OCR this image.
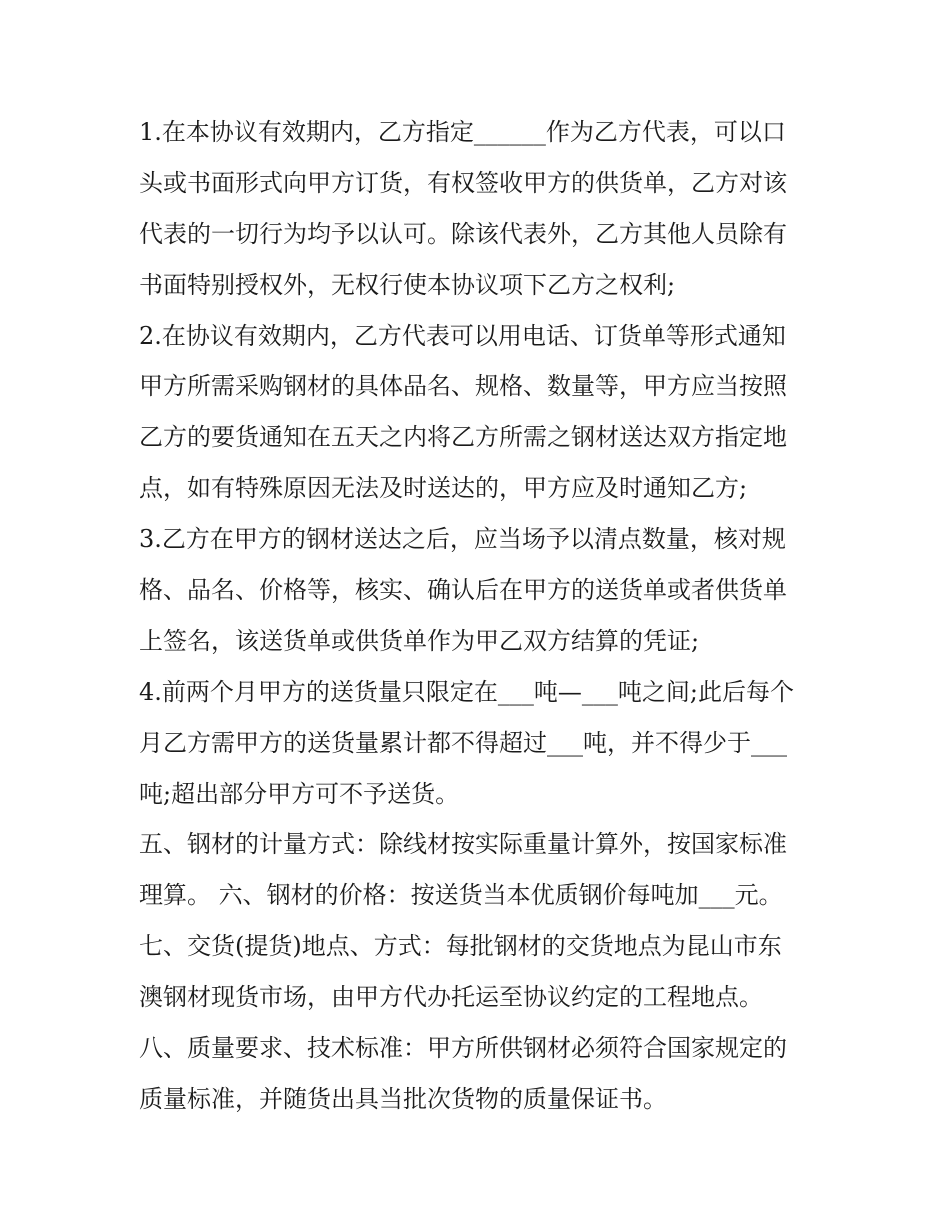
1.在本协议有效期内，乙方指定______作为乙方代表，可以口
头或书面形式向甲方订货，有权签收甲方的供货单，乙方对该
代表的一切行为均予以认可。除该代表外，乙方其他人员除有
书面特别授权外，无权行使本协议项下乙方之权利;
2.在协议有效期内，乙方代表可以用电话、订货单等形式通知
甲方所需采购钢材的具体品名、规格、数量等，甲方应当按照
乙方的要货通知在五天之内将乙方所需之钢材送达双方指定地
点，如有特殊原因无法及时送达的，甲方应及时通知乙方;
3.乙方在甲方的钢材送达之后，应当场予以清点数量，核对规
格、品名、价格等，核实、确认后在甲方的送货单或者供货单
上签名，该送货单或供货单作为甲乙双方结算的凭证;
4.前两个月甲方的送货量只限定在___吨—___吨之间;此后每个
月乙方需甲方的送货量累计都不得超过___吨，并不得少于___
吨;超出部分甲方可不予送货。
五、钢材的计量方式：除线材按实际重量计算外，按国家标准
理算。 六、钢材的价格：按送货当本优质钢价每吨加___元。
七、交货(提货)地点、方式：每批钢材的交货地点为昆山市东
澳钢材现货市场，由甲方代办托运至协议约定的工程地点。
八、质量要求、技术标准：甲方所供钢材必须符合国家规定的
质量标准，并随货出具当批次货物的质量保证书。
